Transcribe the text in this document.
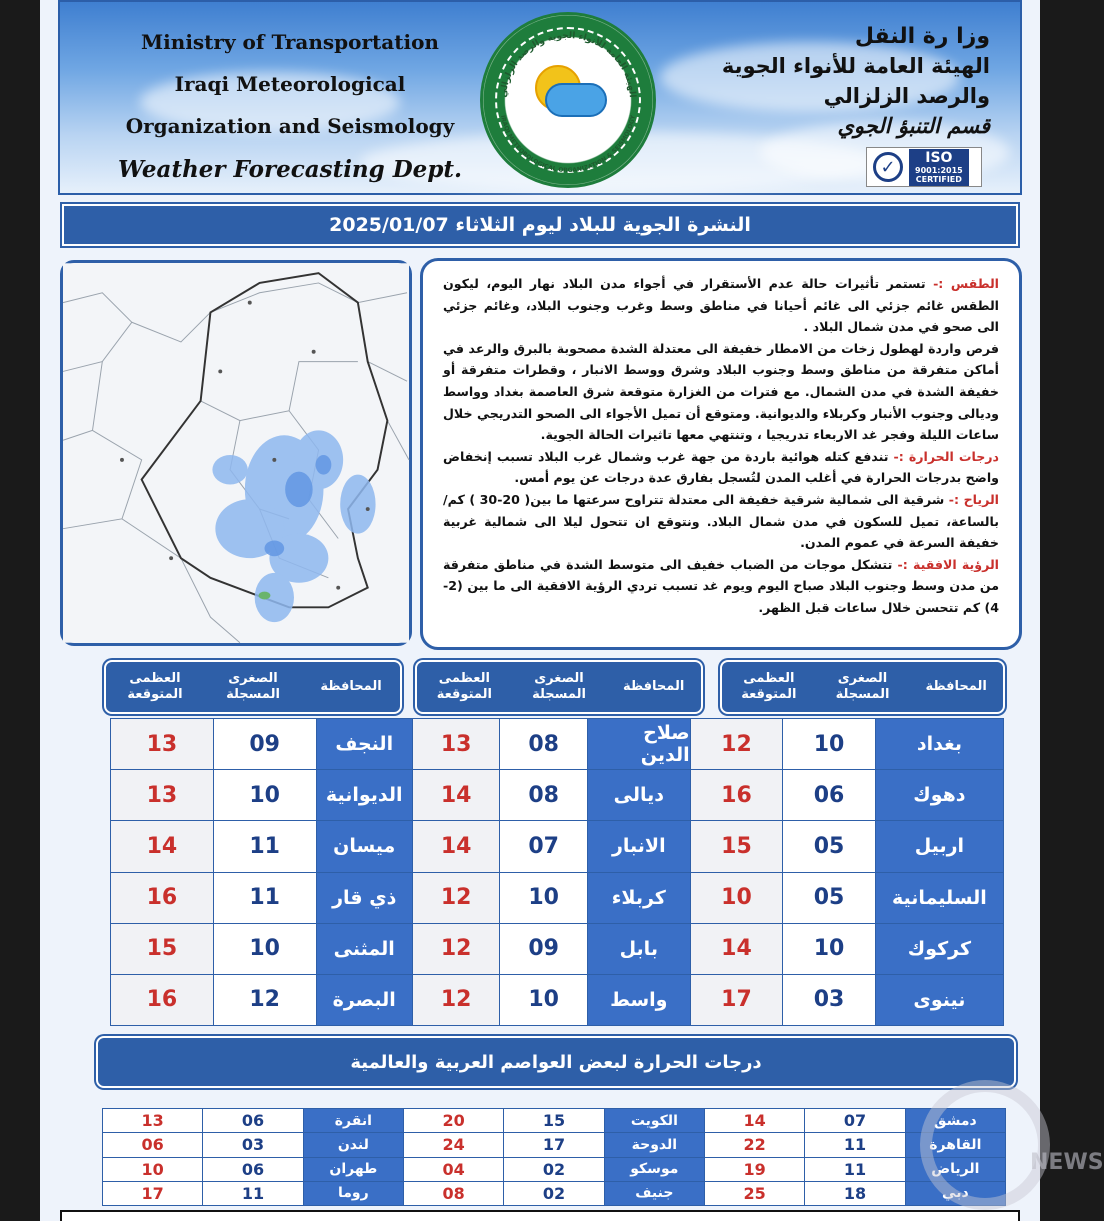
Ministry of Transportation
Iraqi Meteorological
Organization and Seismology
Weather Forecasting Dept.
الهيئة العامة للأنواء الجوية والرصد الزلزالي
IRAQI METEOROLOGICAL ORGANIZATION & SEISMOLOGY
وزا رة النقل
الهيئة العامة للأنواء الجوية
والرصد الزلزالي
قسم التنبؤ الجوي
✓	ISO
9001:2015
CERTIFIED
النشرة الجوية للبلاد ليوم الثلاثاء 2025/01/07
الطقس :- تستمر تأثيرات حالة عدم الأستقرار في أجواء مدن البلاد نهار اليوم، ليكون الطقس غائم جزئي الى غائم أحيانا في مناطق وسط وغرب وجنوب البلاد، وغائم جزئي الى صحو في مدن شمال البلاد .
فرص واردة لهطول زخات من الامطار خفيفة الى معتدلة الشدة مصحوبة بالبرق والرعد في أماكن متفرقة من مناطق وسط وجنوب البلاد وشرق ووسط الانبار ، وقطرات متفرقة أو خفيفة الشدة في مدن الشمال. مع فترات من الغزارة متوقعة شرق العاصمة بغداد وواسط وديالى وجنوب الأنبار وكربلاء والديوانية. ومتوقع أن تميل الأجواء الى الصحو التدريجي خلال ساعات الليلة وفجر غد الاربعاء تدريجيا ، وتنتهي معها تاثيرات الحالة الجوية.
درجات الحرارة :- تندفع كتله هوائية باردة من جهة غرب وشمال غرب البلاد تسبب إنخفاض واضح بدرجات الحرارة في أغلب المدن لتُسجل بفارق عدة درجات عن يوم أمس.
الرياح :- شرقية الى شمالية شرقية خفيفة الى معتدلة تتراوح سرعتها ما بين( 20-30 ) كم/ بالساعة، تميل للسكون في مدن شمال البلاد. ونتوقع ان تتحول ليلا الى شمالية غربية خفيفة السرعة في عموم المدن.
الرؤية الافقية :- تتشكل موجات من الضباب خفيف الى متوسط الشدة في مناطق متفرقة من مدن وسط وجنوب البلاد صباح اليوم ويوم غد تسبب تردي الرؤية الافقية الى ما بين (2-4) كم تتحسن خلال ساعات قبل الظهر.
المحافظة
الصغرى المسجلة
العظمى المتوقعة
المحافظة
الصغرى المسجلة
العظمى المتوقعة
المحافظة
الصغرى المسجلة
العظمى المتوقعة
بغداد
10
12
صلاح الدين
08
13
النجف
09
13
دهوك
06
16
ديالى
08
14
الديوانية
10
13
اربيل
05
15
الانبار
07
14
ميسان
11
14
السليمانية
05
10
كربلاء
10
12
ذي قار
11
16
كركوك
10
14
بابل
09
12
المثنى
10
15
نينوى
03
17
واسط
10
12
البصرة
12
16
درجات الحرارة لبعض العواصم العربية والعالمية
دمشق
07
14
الكويت
15
20
انقرة
06
13
القاهرة
11
22
الدوحة
17
24
لندن
03
06
الرياض
11
19
موسكو
02
04
طهران
06
10
دبي
18
25
جنيف
02
08
روما
11
17
NEWS
